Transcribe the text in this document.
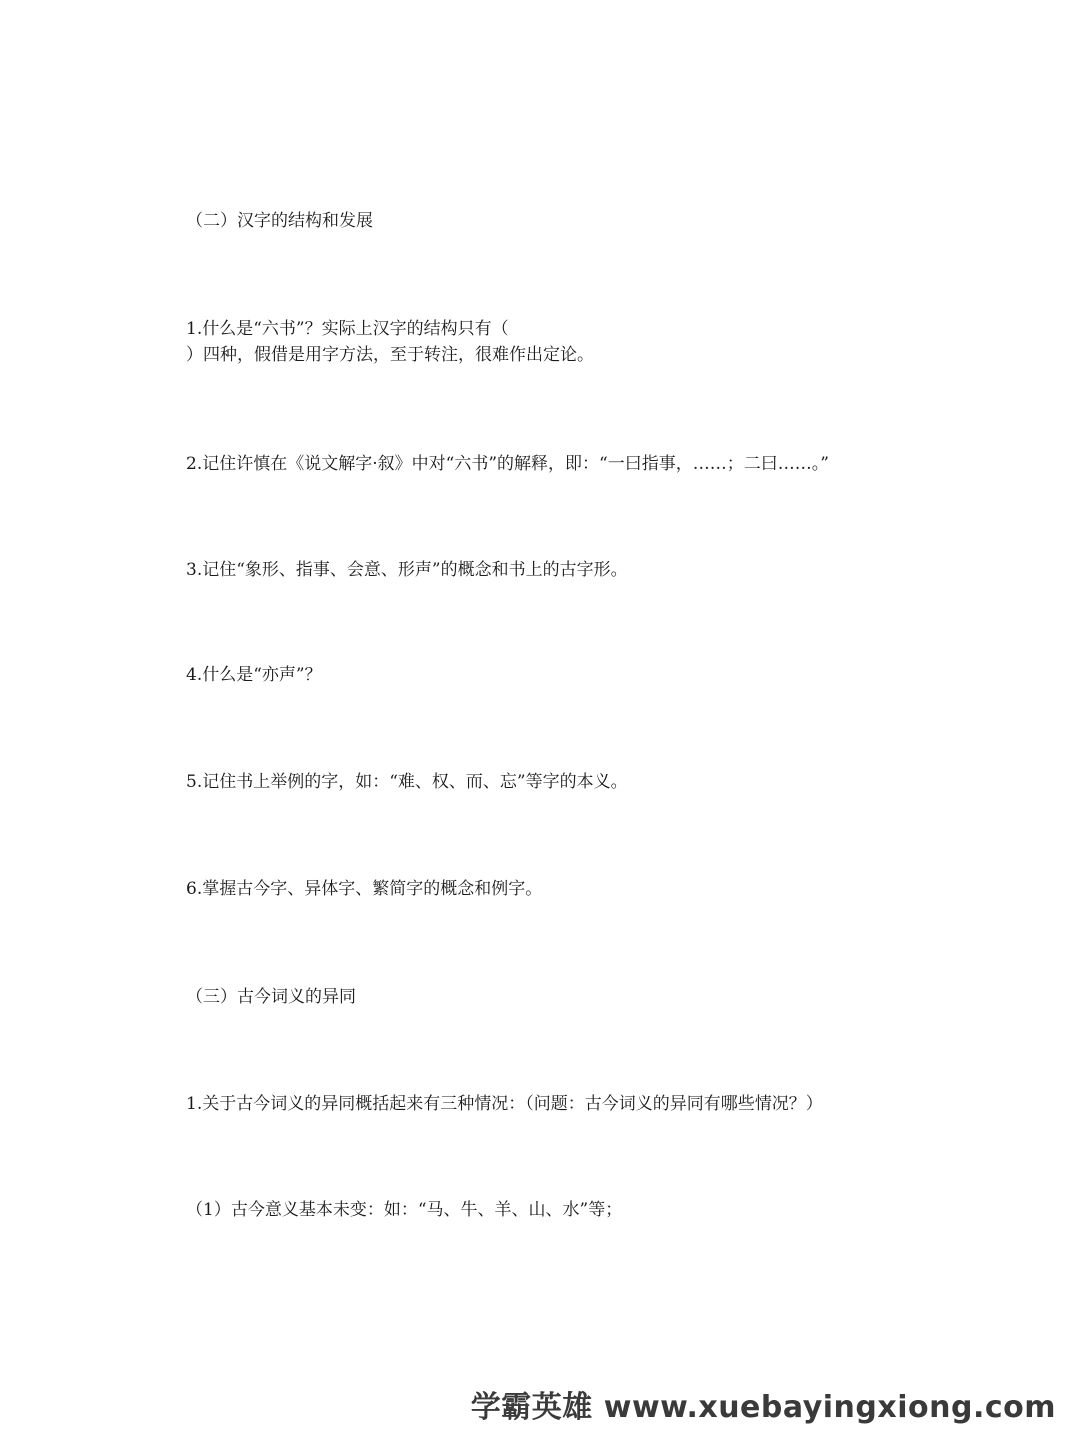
（二）汉字的结构和发展

1.什么是“六书”？实际上汉字的结构只有（

）四种，假借是用字方法，至于转注，很难作出定论。

2.记住许慎在《说文解字·叙》中对“六书”的解释，即：“一曰指事，……；二曰……。”

3.记住“象形、指事、会意、形声”的概念和书上的古字形。

4.什么是“亦声”？

5.记住书上举例的字，如：“难、权、而、忘”等字的本义。

6.掌握古今字、异体字、繁简字的概念和例字。

（三）古今词义的异同

1.关于古今词义的异同概括起来有三种情况：（问题：古今词义的异同有哪些情况？）

（1）古今意义基本未变：如：“马、牛、羊、山、水”等；

学霸英雄 www.xuebayingxiong.com
